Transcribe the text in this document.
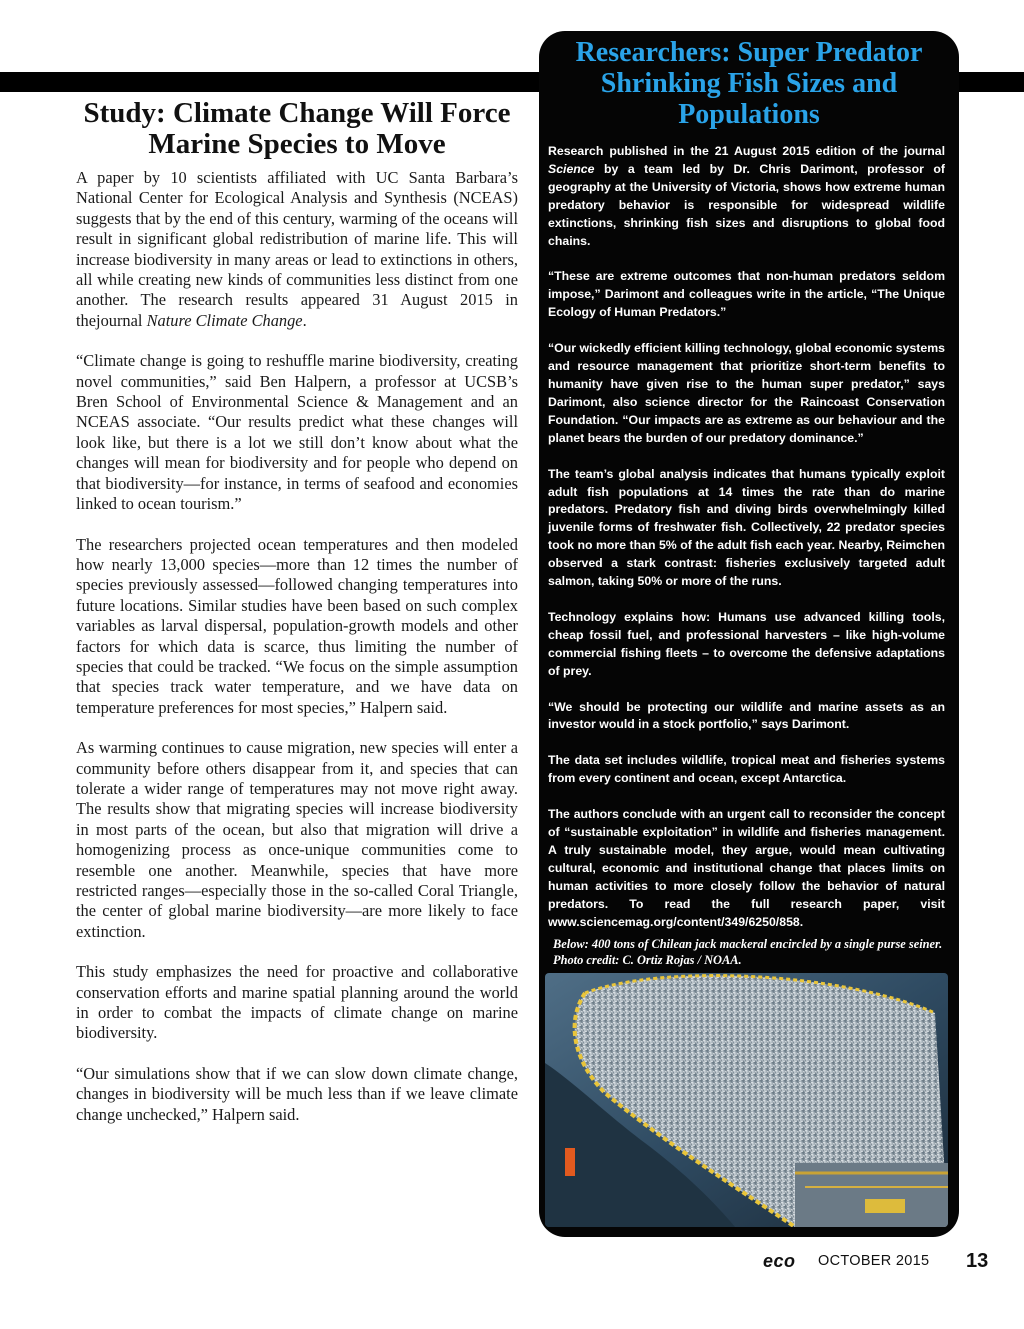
Study: Climate Change Will Force Marine Species to Move

A paper by 10 scientists affiliated with UC Santa Barbara’s National Center for Ecological Analysis and Synthesis (NCEAS) suggests that by the end of this century, warming of the oceans will result in significant global redistribution of marine life. This will increase biodiversity in many areas or lead to extinctions in others, all while creating new kinds of communities less distinct from one another. The research results appeared 31 August 2015 in thejournal Nature Climate Change.

“Climate change is going to reshuffle marine biodiversity, creating novel communities,” said Ben Halpern, a professor at UCSB’s Bren School of Environmental Science & Management and an NCEAS associate. “Our results predict what these changes will look like, but there is a lot we still don’t know about what the changes will mean for biodiversity and for people who depend on that biodiversity—for instance, in terms of seafood and economies linked to ocean tourism.”

The researchers projected ocean temperatures and then modeled how nearly 13,000 species—more than 12 times the number of species previously assessed—followed changing temperatures into future locations. Similar studies have been based on such complex variables as larval dispersal, population-growth models and other factors for which data is scarce, thus limiting the number of species that could be tracked. “We focus on the simple assumption that species track water temperature, and we have data on temperature preferences for most species,” Halpern said.

As warming continues to cause migration, new species will enter a community before others disappear from it, and species that can tolerate a wider range of temperatures may not move right away. The results show that migrating species will increase biodiversity in most parts of the ocean, but also that migration will drive a homogenizing process as once-unique communities come to resemble one another. Meanwhile, species that have more restricted ranges—especially those in the so-called Coral Triangle, the center of global marine biodiversity—are more likely to face extinction.

This study emphasizes the need for proactive and collaborative conservation efforts and marine spatial planning around the world in order to combat the impacts of climate change on marine biodiversity.

“Our simulations show that if we can slow down climate change, changes in biodiversity will be much less than if we leave climate change unchecked,” Halpern said.

Researchers: Super Predator Shrinking Fish Sizes and Populations

Research published in the 21 August 2015 edition of the journal Science by a team led by Dr. Chris Darimont, professor of geography at the University of Victoria, shows how extreme human predatory behavior is responsible for widespread wildlife extinctions, shrinking fish sizes and disruptions to global food chains.

“These are extreme outcomes that non-human predators seldom impose,” Darimont and colleagues write in the article, “The Unique Ecology of Human Predators.”

“Our wickedly efficient killing technology, global economic systems and resource management that prioritize short-term benefits to humanity have given rise to the human super predator,” says Darimont, also science director for the Raincoast Conservation Foundation. “Our impacts are as extreme as our behaviour and the planet bears the burden of our predatory dominance.”

The team’s global analysis indicates that humans typically exploit adult fish populations at 14 times the rate than do marine predators. Predatory fish and diving birds overwhelmingly killed juvenile forms of freshwater fish. Collectively, 22 predator species took no more than 5% of the adult fish each year. Nearby, Reimchen observed a stark contrast: fisheries exclusively targeted adult salmon, taking 50% or more of the runs.

Technology explains how: Humans use advanced killing tools, cheap fossil fuel, and professional harvesters – like high-volume commercial fishing fleets – to overcome the defensive adaptations of prey.

“We should be protecting our wildlife and marine assets as an investor would in a stock portfolio,” says Darimont.

The data set includes wildlife, tropical meat and fisheries systems from every continent and ocean, except Antarctica.

The authors conclude with an urgent call to reconsider the concept of “sustainable exploitation” in wildlife and fisheries management. A truly sustainable model, they argue, would mean cultivating cultural, economic and institutional change that places limits on human activities to more closely follow the behavior of natural predators. To read the full research paper, visit www.sciencemag.org/content/349/6250/858.

Below: 400 tons of Chilean jack mackeral encircled by a single purse seiner. Photo credit: C. Ortiz Rojas / NOAA.
eco OCTOBER 2015 13
